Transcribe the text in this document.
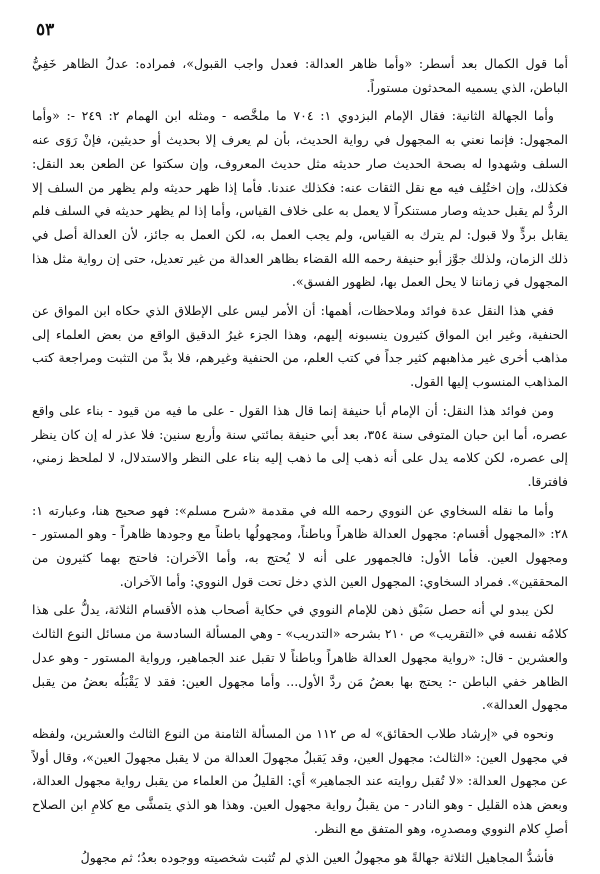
٥٣

أما قول الكمال بعد أسطر: «وأما ظاهر العدالة: فعدل واجب القبول»، فمراده: عدلُ الظاهر خَفِيُّ الباطن، الذي يسميه المحدثون مستوراً.

وأما الجهالة الثانية: فقال الإمام البزدوي ١: ٧٠٤ ما ملخَّصه - ومثله ابن الهمام ٢: ٢٤٩ -: «وأما المجهول: فإنما نعني به المجهول في رواية الحديث، بأن لم يعرف إلا بحديث أو حديثين، فإنْ رَوَى عنه السلف وشهدوا له بصحة الحديث صار حديثه مثل حديث المعروف، وإن سكتوا عن الطعن بعد النقل: فكذلك، وإن اختُلِف فيه مع نقل الثقات عنه: فكذلك عندنا. فأما إذا ظهر حديثه ولم يظهر من السلف إلا الردُّ لم يقبل حديثه وصار مستنكراً لا يعمل به على خلاف القياس، وأما إذا لم يظهر حديثه في السلف فلم يقابل بردٍّ ولا قبول: لم يترك به القياس، ولم يجب العمل به، لكن العمل به جائز، لأن العدالة أصل في ذلك الزمان، ولذلك جوَّز أبو حنيفة رحمه الله القضاء بظاهر العدالة من غير تعديل، حتى إن رواية مثل هذا المجهول في زماننا لا يحل العمل بها، لظهور الفسق».

ففي هذا النقل عدة فوائد وملاحظات، أهمها: أن الأمر ليس على الإطلاق الذي حكاه ابن المواق عن الحنفية، وغير ابن المواق كثيرون ينسبونه إليهم، وهذا الجزء غيرُ الدقيق الواقع من بعض العلماء إلى مذاهب أخرى غير مذاهبهم كثير جداً في كتب العلم، من الحنفية وغيرهم، فلا بدَّ من التثبت ومراجعة كتب المذاهب المنسوب إليها القول.

ومن فوائد هذا النقل: أن الإمام أبا حنيفة إنما قال هذا القول - على ما فيه من قيود - بناء على واقع عصره، أما ابن حبان المتوفى سنة ٣٥٤، بعد أبي حنيفة بمائتي سنة وأربع سنين: فلا عذر له إن كان ينظر إلى عصره، لكن كلامه يدل على أنه ذهب إلى ما ذهب إليه بناء على النظر والاستدلال، لا لملحظ زمني، فافترقا.

وأما ما نقله السخاوي عن النووي رحمه الله في مقدمة «شرح مسلم»: فهو صحيح هنا، وعبارته ١: ٢٨: «المجهول أقسام: مجهول العدالة ظاهراً وباطناً، ومجهولُها باطناً مع وجودها ظاهراً - وهو المستور - ومجهول العين. فأما الأول: فالجمهور على أنه لا يُحتج به، وأما الآخران: فاحتج بهما كثيرون من المحققين». فمراد السخاوي: المجهول العين الذي دخل تحت قول النووي: وأما الآخران.

لكن يبدو لي أنه حصل سَبْق ذهن للإمام النووي في حكاية أصحاب هذه الأقسام الثلاثة، يدلُّ على هذا كلامُه نفسه في «التقريب» ص ٢١٠ بشرحه «التدريب» - وهي المسألة السادسة من مسائل النوع الثالث والعشرين - قال: «رواية مجهول العدالة ظاهراً وباطناً لا تقبل عند الجماهير، ورواية المستور - وهو عدل الظاهر خفي الباطن -: يحتج بها بعضُ مَن ردَّ الأول... وأما مجهول العين: فقد لا يَقْبَلُه بعضُ من يقبل مجهول العدالة».

ونحوه في «إرشاد طلاب الحقائق» له ص ١١٢ من المسألة الثامنة من النوع الثالث والعشرين، ولفظه في مجهول العين: «الثالث: مجهول العين، وقد يَقبلُ مجهولَ العدالة من لا يقبل مجهولَ العين»، وقال أولاً عن مجهول العدالة: «لا تُقبل روايته عند الجماهير» أي: القليلُ من العلماء من يقبل رواية مجهول العدالة، وبعض هذه القليل - وهو النادر - من يقبلُ رواية مجهول العين. وهذا هو الذي يتمشَّى مع كلامِ ابن الصلاح أصلِ كلام النووي ومصدرِه، وهو المتفق مع النظر.

فأشدُّ المجاهيل الثلاثة جهالةً هو مجهولُ العين الذي لم تُثبت شخصيته ووجوده بعدُ؛ ثم مجهولُ
